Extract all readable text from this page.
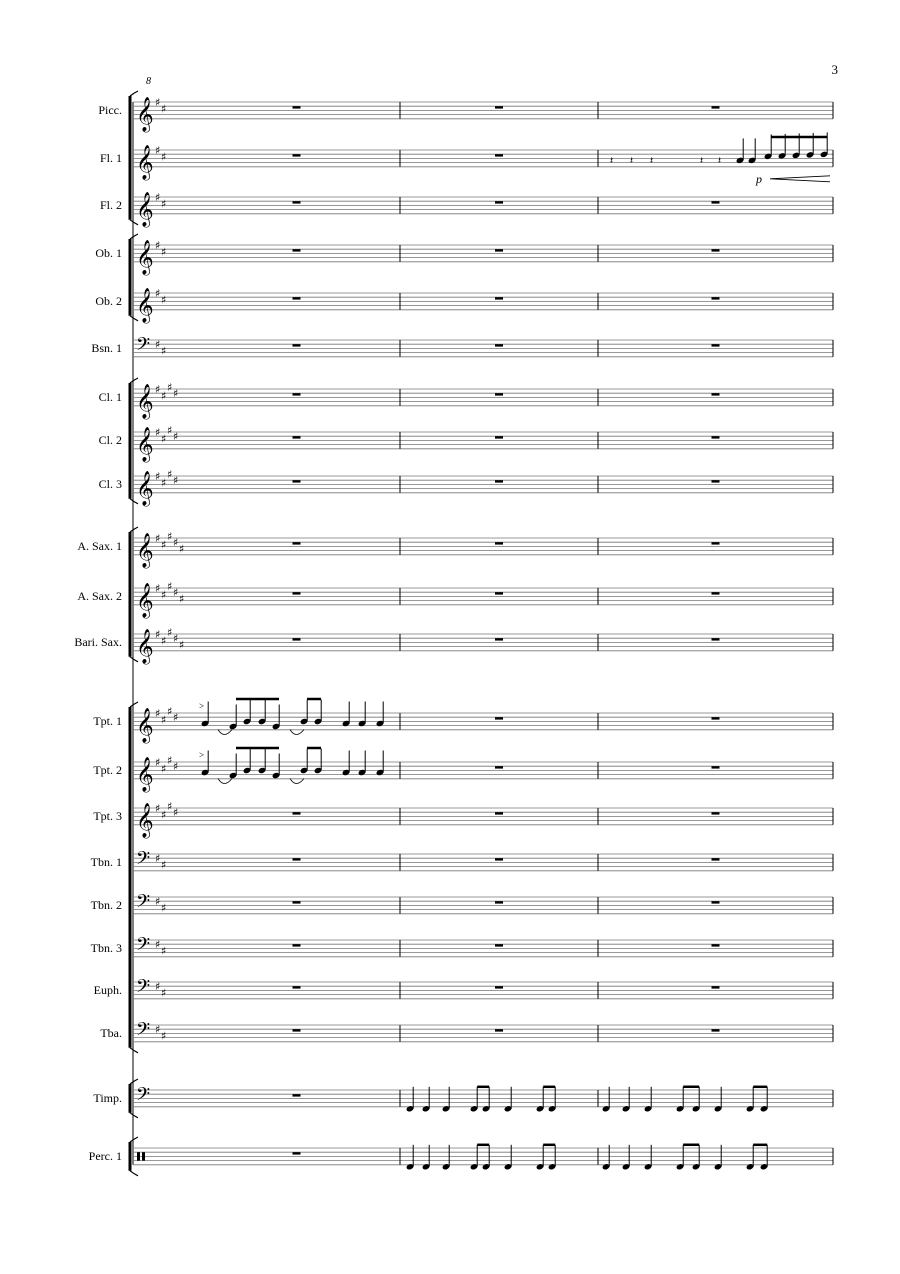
3
8
Picc.
Fl. 1
Fl. 2
Ob. 1
Ob. 2
Bsn. 1
Cl. 1
Cl. 2
Cl. 3
A. Sax. 1
A. Sax. 2
Bari. Sax.
Tpt. 1
Tpt. 2
Tpt. 3
Tbn. 1
Tbn. 2
Tbn. 3
Euph.
Tba.
Timp.
Perc. 1
𝄞 ♯ ♯
𝄞 ♯ ♯
𝄞 ♯ ♯
𝄞 ♯ ♯
𝄞 ♯ ♯
𝄢 ♯ ♯
𝄞 ♯ ♯
♯ ♯
𝄞 ♯ ♯
♯ ♯
𝄞 ♯ ♯
♯ ♯
𝄞 ♯ ♯
♯ ♯ ♯
𝄞 ♯ ♯
♯ ♯ ♯
𝄞 ♯ ♯
♯ ♯ ♯
𝄞 ♯ ♯
♯ ♯
𝄞 ♯ ♯
♯ ♯
𝄞 ♯ ♯
♯ ♯
𝄢 ♯ ♯
𝄢 ♯ ♯
𝄢 ♯ ♯
𝄢 ♯ ♯
𝄢 ♯ ♯
𝄢
>
>
𝄽 𝄽 𝄽	𝄽 𝄽
p
